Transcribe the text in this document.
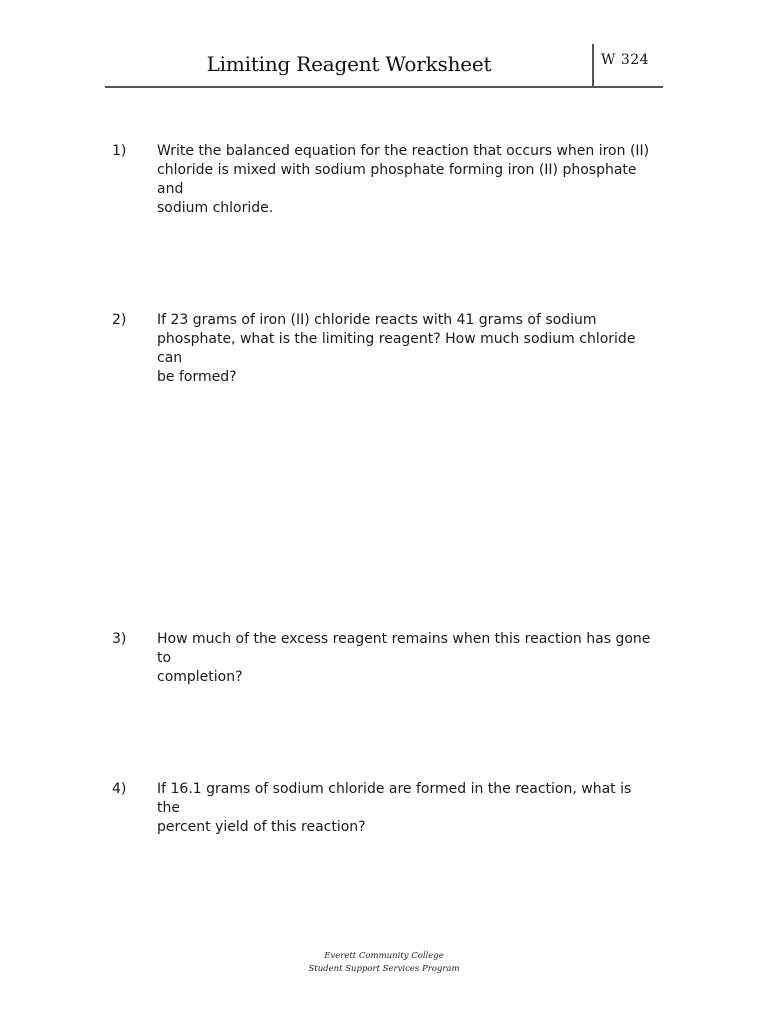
Limiting Reagent Worksheet	W 324
1)	Write the balanced equation for the reaction that occurs when iron (II)
chloride is mixed with sodium phosphate forming iron (II) phosphate and
sodium chloride.
2)	If 23 grams of iron (II) chloride reacts with 41 grams of sodium
phosphate, what is the limiting reagent? How much sodium chloride can
be formed?
3)	How much of the excess reagent remains when this reaction has gone to
completion?
4)	If 16.1 grams of sodium chloride are formed in the reaction, what is the
percent yield of this reaction?
Everett Community College
Student Support Services Program
